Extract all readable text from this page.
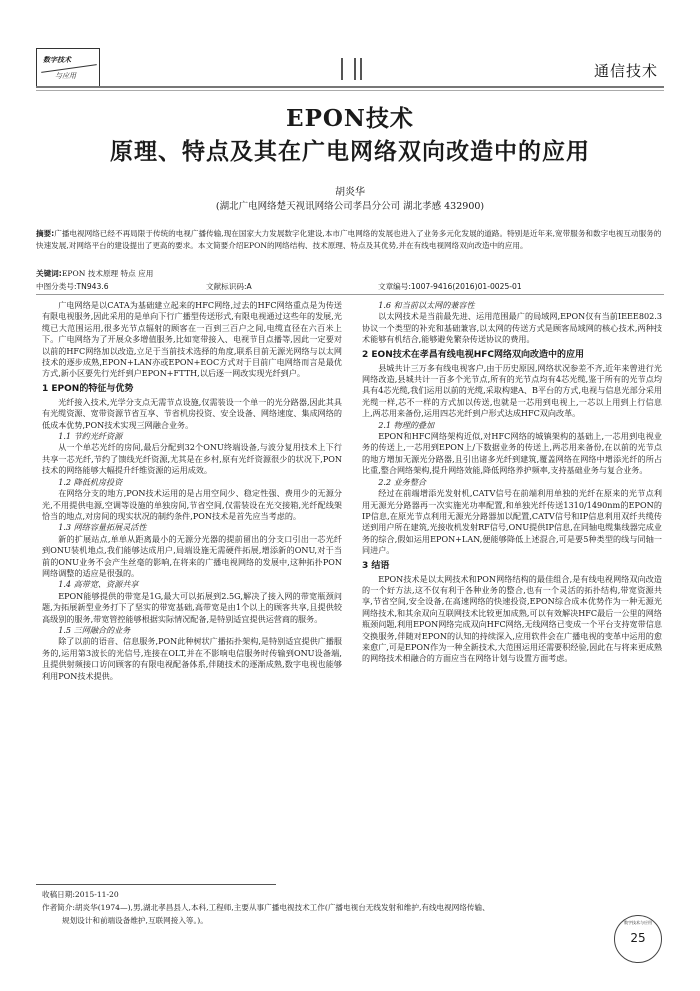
数字技术
与应用	通信技术
EPON技术
原理、特点及其在广电网络双向改造中的应用
胡炎华
(湖北广电网络楚天视讯网络公司孝昌分公司 湖北孝感 432900)
摘要:广播电视网络已经不再局限于传统的电视广播传输,现在国家大力发展数字化建设,本市广电网络的发展也进入了业务多元化发展的道路。特别是近年来,宽带服务和数字电视互动服务的快速发展,对网络平台的建设提出了更高的要求。本文简要介绍EPON的网络结构、技术原理、特点及其优势,并在有线电视网络双向改造中的应用。
关键词:EPON 技术原理 特点 应用
中图分类号:TN943.6	文献标识码:A	文章编号:1007-9416(2016)01-0025-01

广电网络是以CATA为基础建立起来的HFC网络,过去的HFC网络重点是为传送有限电视服务,因此采用的是单向下行广播型传送形式,有限电视通过这些年的发展,光缆已大范围运用,很多光节点辐射的顾客在一百到三百户之间,电缆直径在六百米上下。广电网络为了开展众多增值服务,比如宽带接入、电视节目点播等,因此一定要对以前的HFC网络加以改造,立足于当前技术选择的角度,联系目前无源光网络与以太网技术的逐步成熟,EPON+LAN亦或EPON+EOC方式对于目前广电网络而言是最优方式,新小区要先行光纤到户EPON+FTTH,以后逐一网改实现光纤到户。

1 EPON的特征与优势

光纤接入技术,光学分支点无需节点设施,仅需装设一个单一的光分路器,因此其具有光缆资源、宽带资源节省互享、节省机房投资、安全设备、网络速度、集成网络的低成本优势,PON技术实现三网融合业务。

1.1 节约光纤资源

从一个单芯光纤的房间,最后分配到32个ONU终端设备,与波分复用技术上下行共享一芯光纤,节约了馈线光纤资源,尤其是在乡村,原有光纤资源很少的状况下,PON技术的网络能够大幅提升纤维资源的运用成效。

1.2 降低机房投资

在网络分支的地方,PON技术运用的是占用空间少、稳定性强、费用少的无源分光,不用提供电源,空调等设施的单独房间,节省空间,仅需装设在光交接箱,光纤配线架恰当的地点,对房间的现实状况的制约条件,PON技术是首先应当考虑的。

1.3 网络容量拓展灵活性

新的扩展站点,单单从距离最小的无源分光器的提前留出的分支口引出一芯光纤到ONU装机地点,我们能够达成用户,局端设施无需硬件拓展,增添新的ONU,对于当前的ONU业务不会产生丝毫的影响,在将来的广播电视网络的发展中,这种拓扑PON网络调整的适应是很强的。

1.4 高带宽、资源共享

EPON能够提供的带宽是1G,最大可以拓展到2.5G,解决了接入网的带宽瓶颈问题,为拓展新型业务打下了坚实的带宽基础,高带宽是由1个以上的顾客共享,且提供较高级别的服务,带宽管控能够根据实际情况配备,是特别适宜提供运营商的服务。

1.5 三网融合的业务

除了以前的语音、信息服务,PON此种树状广播拓扑架构,是特别适宜提供广播服务的,运用第3波长的光信号,连接在OLT,并在不影响电信服务时传输到ONU设备端,且提供射频接口访问顾客的有限电视配备体系,伴随技术的逐渐成熟,数字电视也能够利用PON技术提供。

1.6 和当前以太网的兼容性

以太网技术是当前最先进、运用范围最广的局域网,EPON仅有当前IEEE802.3协议一个类型的补充和基础兼容,以太网的传送方式是顾客局域网的核心技术,两种技术能够有机结合,能够避免繁杂传送协议的费用。

2 EON技术在孝昌有线电视HFC网络双向改造中的应用

县城共计三万多有线电视客户,由于历史原因,网络状况参差不齐,近年来曾进行光网络改造,县城共计一百多个光节点,所有的光节点均有4芯光缆,鉴于所有的光节点均具有4芯光缆,我们运用以前的光缆,采取构建A、B平台的方式,电视与信息光部分采用光缆一样,芯不一样的方式加以传送,也就是一芯用到电视上,一芯以上用到上行信息上,两芯用来备份,运用四芯光纤到户形式达成HFC双向改革。

2.1 物理的叠加

EPON和HFC网络架构近似,对HFC网络的城镇架构的基础上,一芯用到电视业务的传送上,一芯用到EPON上/下数据业务的传送上,两芯用来备份,在以前的光节点的地方增加无源光分路器,且引出诸多光纤到建筑,覆盖网络在网络中增添光纤的所占比重,整合网络架构,提升网络效能,降低网络养护频率,支持基础业务与复合业务。

2.2 业务整合

经过在前端增添光发射机,CATV信号在前端利用单独的光纤在原来的光节点利用无源光分路器再一次实施光功率配置,和单独光纤传送1310/1490nm的EPON的IP信息,在原光节点利用无源光分路器加以配置,CATV信号和IP信息利用双纤共缆传送到用户所在建筑,光接收机发射RF信号,ONU提供IP信息,在同轴电缆集线器完成业务的综合,假如运用EPON+LAN,便能够降低上述混合,可是要5种类型的线与同轴一同进户。

3 结语

EPON技术是以太网技术和PON网络结构的最佳组合,是有线电视网络双向改造的一个好方法,这不仅有利于各种业务的整合,也有一个灵活的拓扑结构,带宽资源共享,节省空间,安全设备,在高速网络的快速投资,EPON综合成本优势作为一种无源光网络技术,和其余双向互联网技术比较更加成熟,可以有效解决HFC最后一公里的网络瓶颈问题,利用EPON网络完成双向HFC网络,无线网络已变成一个平台支持宽带信息交换服务,伴随对EPON的认知的持续深入,应用软件会在广播电视的变革中运用的愈来愈广,可是EPON作为一种全新技术,大范围运用还需要积经验,因此在与将来更成熟的网络技术相融合的方面应当在网络计划与设置方面考虑。

收稿日期:2015-11-20
作者简介:胡炎华(1974—),男,湖北孝昌县人,本科,工程师,主要从事广播电视技术工作(广播电视台无线发射和维护,有线电视网络传输、
规划设计和前端设备维护,互联网接入等。)。	数字技术与应用
25
